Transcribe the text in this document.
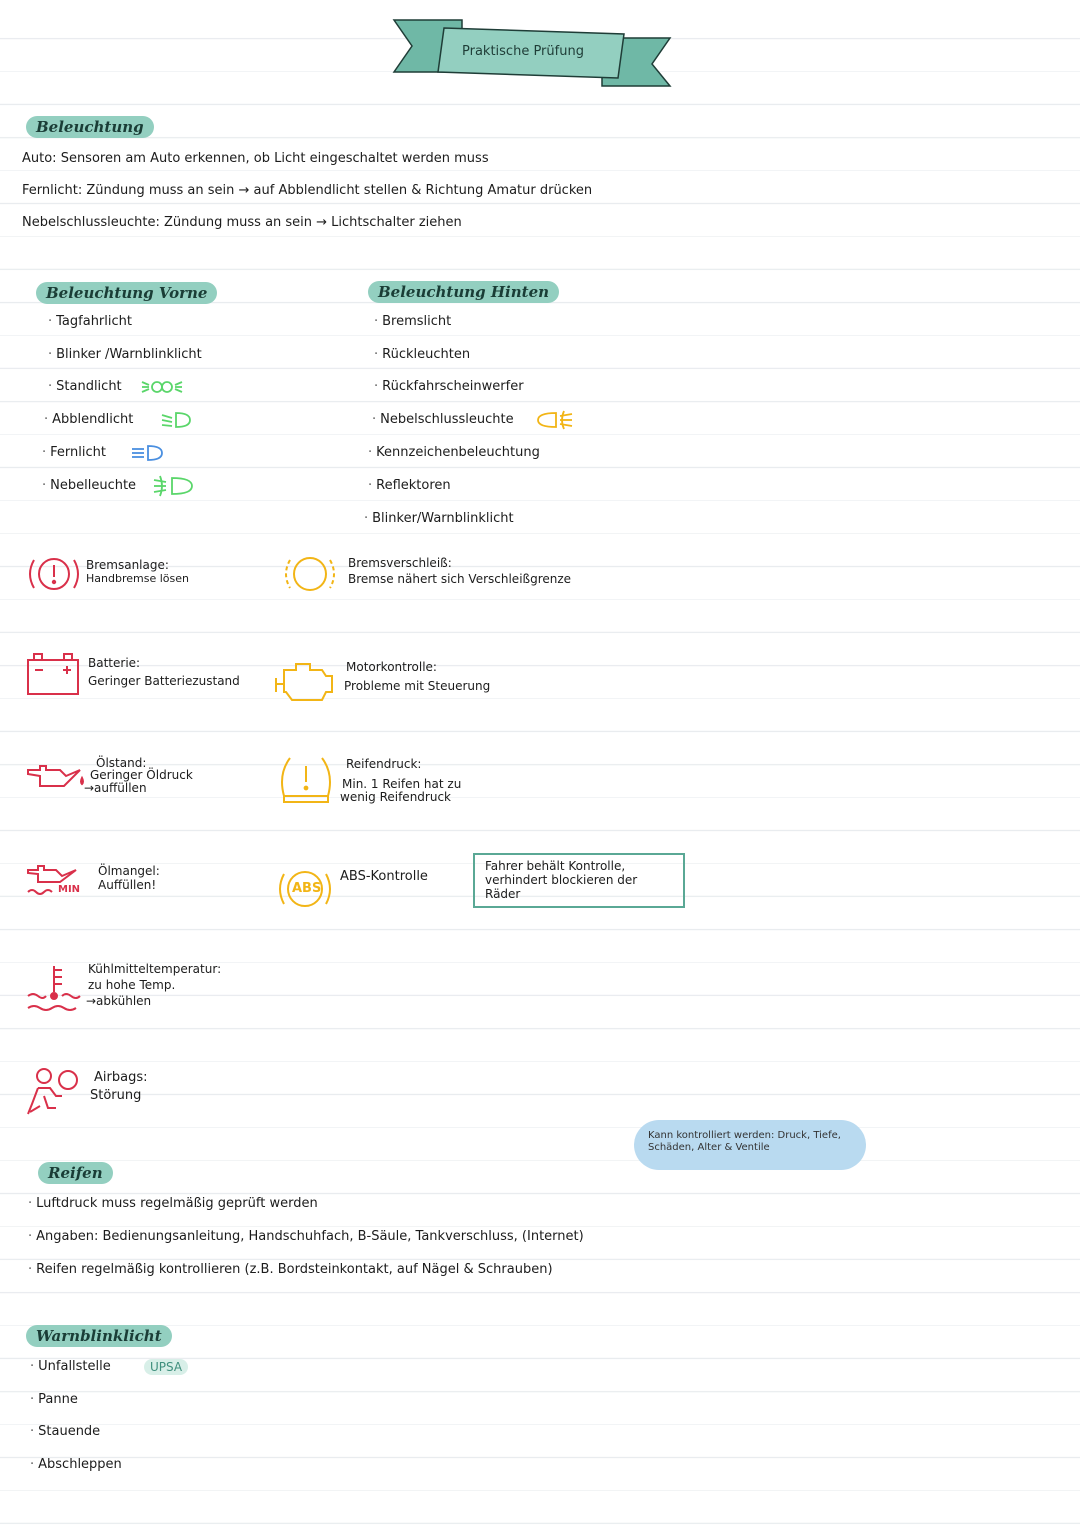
Praktische Prüfung
Beleuchtung
Auto: Sensoren am Auto erkennen, ob Licht eingeschaltet werden muss
Fernlicht: Zündung muss an sein → auf Abblendlicht stellen & Richtung Amatur drücken
Nebelschlussleuchte: Zündung muss an sein → Lichtschalter ziehen
Beleuchtung Vorne
· Tagfahrlicht
· Blinker /Warnblinklicht
· Standlicht
· Abblendlicht
· Fernlicht
· Nebelleuchte
Beleuchtung Hinten
· Bremslicht
· Rückleuchten
· Rückfahrscheinwerfer
· Nebelschlussleuchte
· Kennzeichenbeleuchtung
· Reflektoren
· Blinker/Warnblinklicht
Bremsanlage:
Handbremse lösen
Bremsverschleiß:
Bremse nähert sich Verschleißgrenze
Batterie:
Geringer Batteriezustand
Motorkontrolle:
Probleme mit Steuerung
Ölstand:
Geringer Öldruck
→auffüllen
Reifendruck:
Min. 1 Reifen hat zu
wenig Reifendruck
MIN
Ölmangel:
Auffüllen!	ABS
ABS-Kontrolle
Fahrer behält Kontrolle, verhindert blockieren der Räder
Kühlmitteltemperatur:
zu hohe Temp.
→abkühlen
Airbags:
Störung
Kann kontrolliert werden: Druck, Tiefe, Schäden, Alter & Ventile
Reifen
· Luftdruck muss regelmäßig geprüft werden
· Angaben: Bedienungsanleitung, Handschuhfach, B-Säule, Tankverschluss, (Internet)
· Reifen regelmäßig kontrollieren (z.B. Bordsteinkontakt, auf Nägel & Schrauben)
Warnblinklicht
· Unfallstelle	UPSA
· Panne
· Stauende
· Abschleppen
